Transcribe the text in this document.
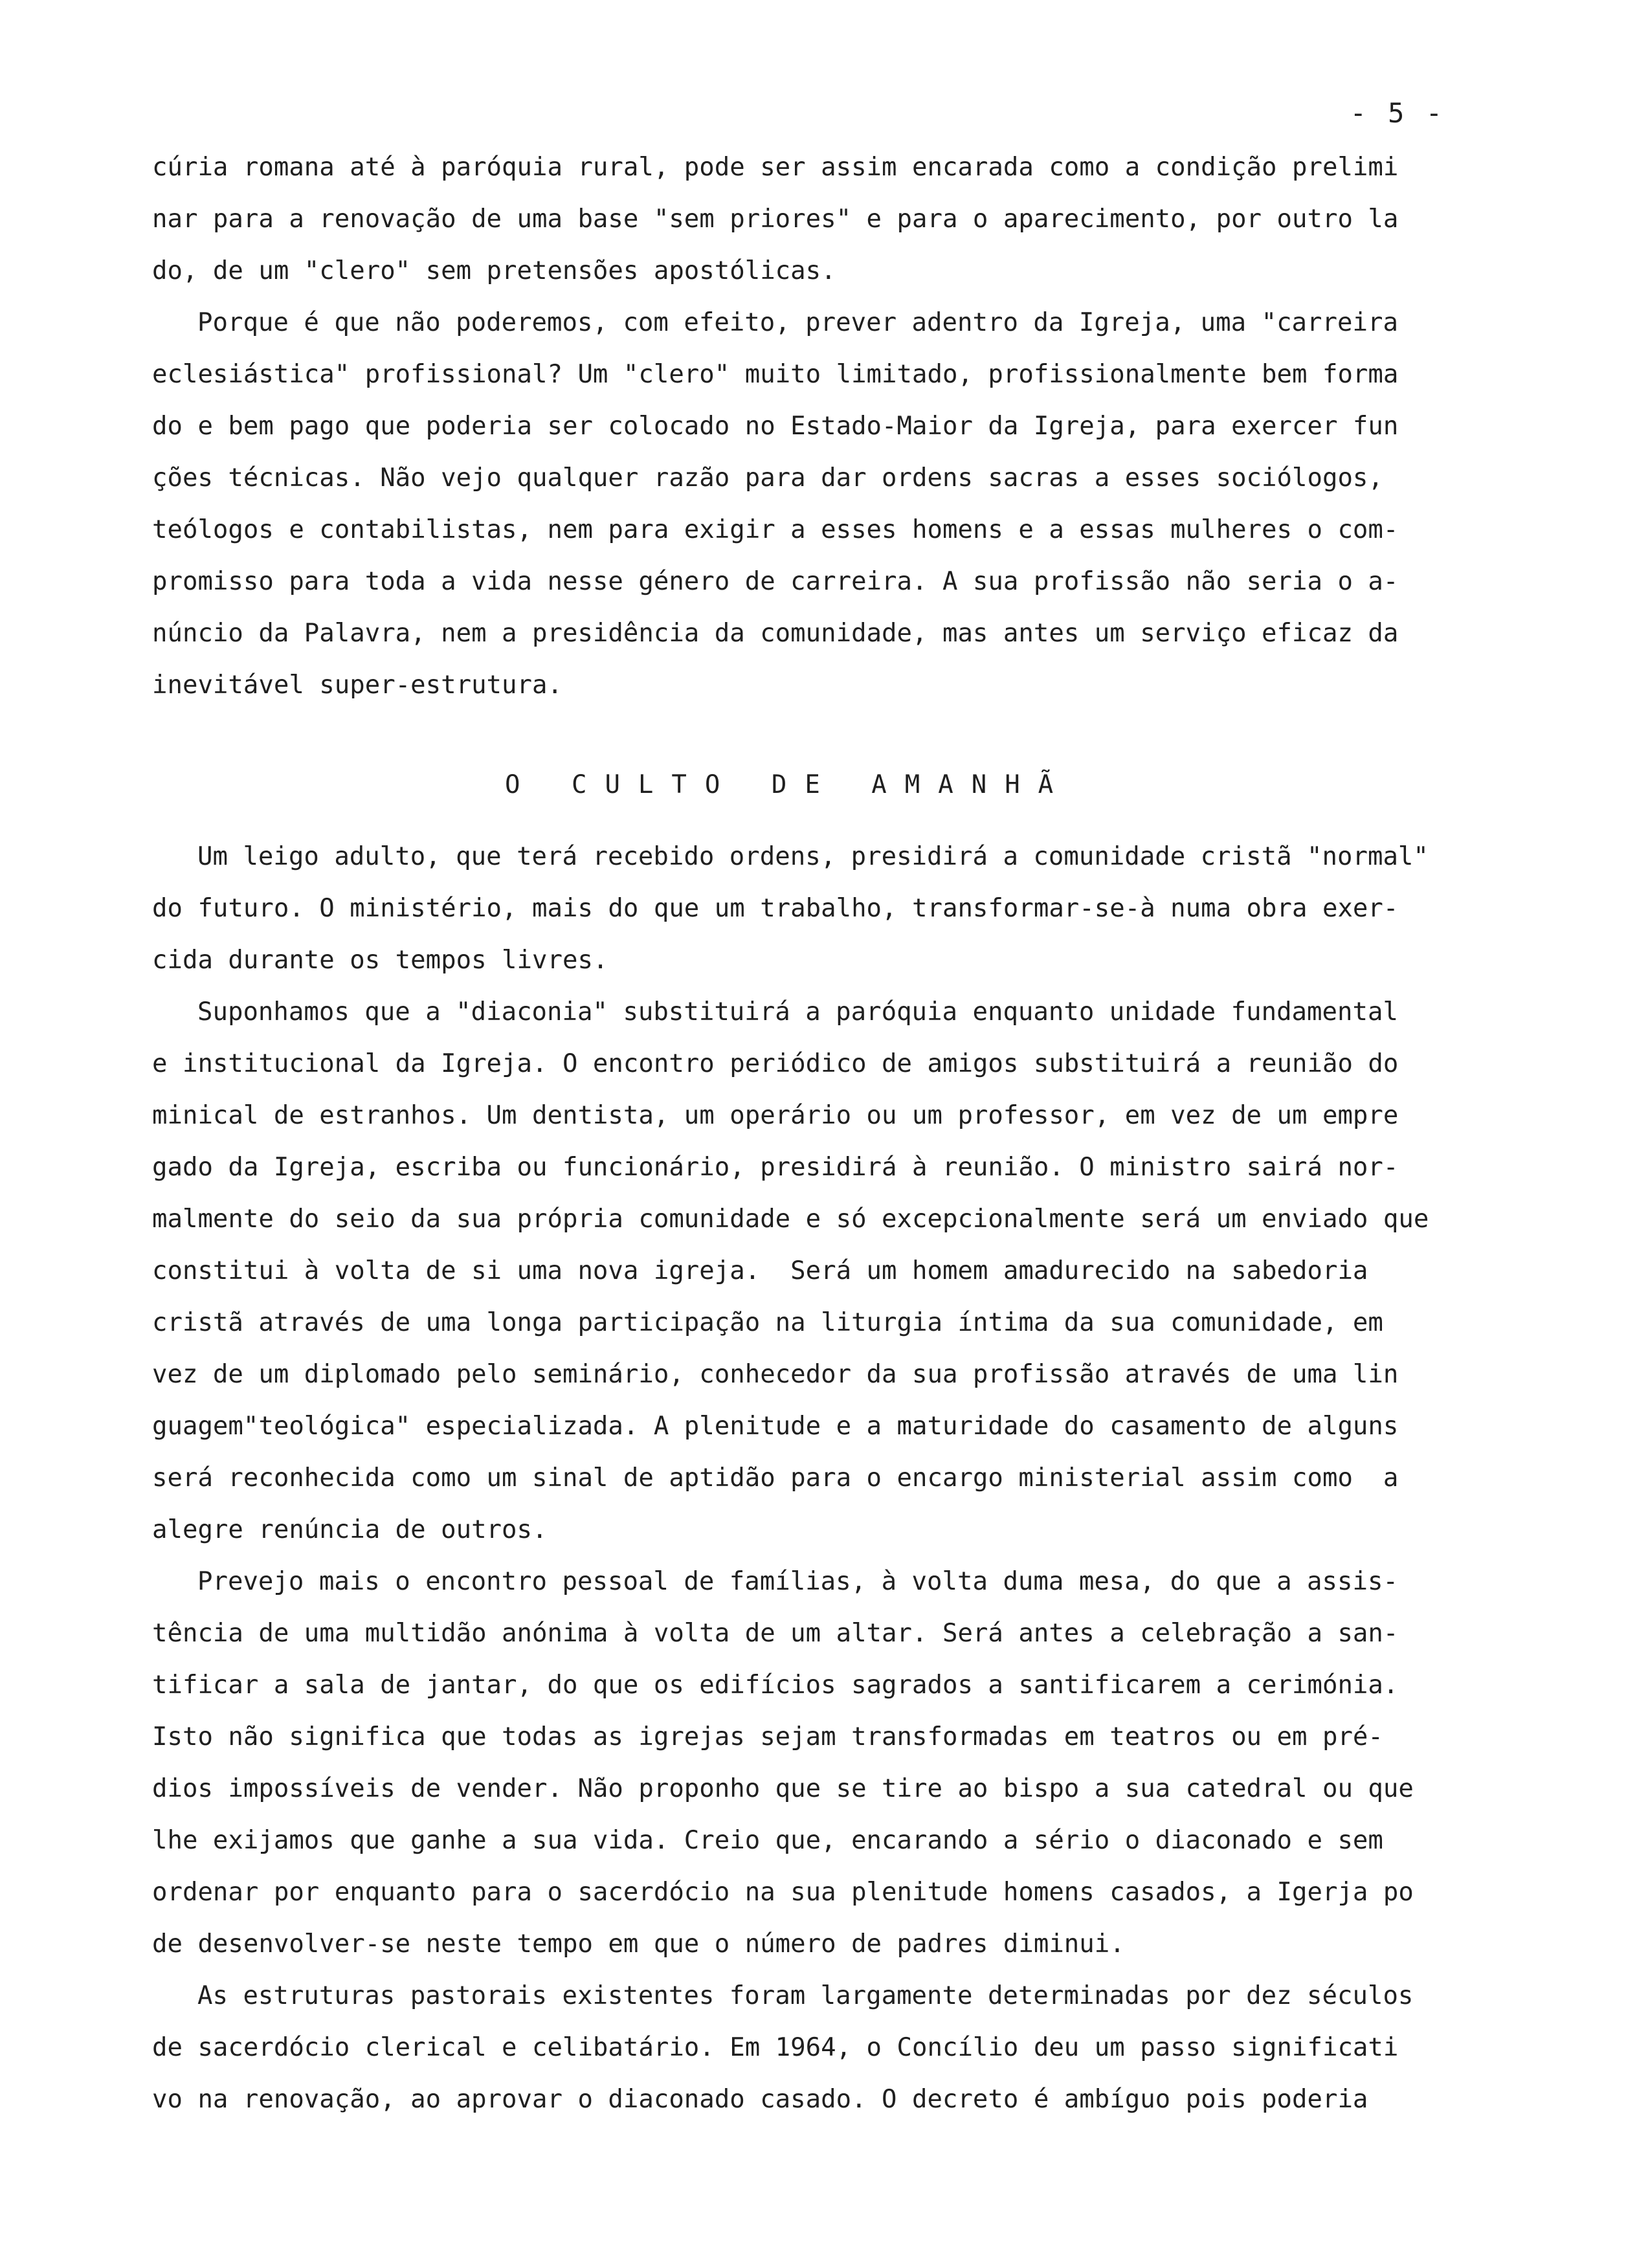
- 5 -
cúria romana até à paróquia rural, pode ser assim encarada como a condição prelimi
nar para a renovação de uma base "sem priores" e para o aparecimento, por outro la
do, de um "clero" sem pretensões apostólicas.
Porque é que não poderemos, com efeito, prever adentro da Igreja, uma "carreira
eclesiástica" profissional? Um "clero" muito limitado, profissionalmente bem forma
do e bem pago que poderia ser colocado no Estado-Maior da Igreja, para exercer fun
ções técnicas. Não vejo qualquer razão para dar ordens sacras a esses sociólogos,
teólogos e contabilistas, nem para exigir a esses homens e a essas mulheres o com-
promisso para toda a vida nesse género de carreira. A sua profissão não seria o a-
núncio da Palavra, nem a presidência da comunidade, mas antes um serviço eficaz da
inevitável super-estrutura.
O CULTO DE AMANHÃ
Um leigo adulto, que terá recebido ordens, presidirá a comunidade cristã "normal"
do futuro. O ministério, mais do que um trabalho, transformar-se-à numa obra exer-
cida durante os tempos livres.
Suponhamos que a "diaconia" substituirá a paróquia enquanto unidade fundamental
e institucional da Igreja. O encontro periódico de amigos substituirá a reunião do
minical de estranhos. Um dentista, um operário ou um professor, em vez de um empre
gado da Igreja, escriba ou funcionário, presidirá à reunião. O ministro sairá nor-
malmente do seio da sua própria comunidade e só excepcionalmente será um enviado que
constitui à volta de si uma nova igreja.  Será um homem amadurecido na sabedoria
cristã através de uma longa participação na liturgia íntima da sua comunidade, em
vez de um diplomado pelo seminário, conhecedor da sua profissão através de uma lin
guagem"teológica" especializada. A plenitude e a maturidade do casamento de alguns
será reconhecida como um sinal de aptidão para o encargo ministerial assim como  a
alegre renúncia de outros.
Prevejo mais o encontro pessoal de famílias, à volta duma mesa, do que a assis-
tência de uma multidão anónima à volta de um altar. Será antes a celebração a san-
tificar a sala de jantar, do que os edifícios sagrados a santificarem a cerimónia.
Isto não significa que todas as igrejas sejam transformadas em teatros ou em pré-
dios impossíveis de vender. Não proponho que se tire ao bispo a sua catedral ou que
lhe exijamos que ganhe a sua vida. Creio que, encarando a sério o diaconado e sem
ordenar por enquanto para o sacerdócio na sua plenitude homens casados, a Igerja po
de desenvolver-se neste tempo em que o número de padres diminui.
As estruturas pastorais existentes foram largamente determinadas por dez séculos
de sacerdócio clerical e celibatário. Em 1964, o Concílio deu um passo significati
vo na renovação, ao aprovar o diaconado casado. O decreto é ambíguo pois poderia
